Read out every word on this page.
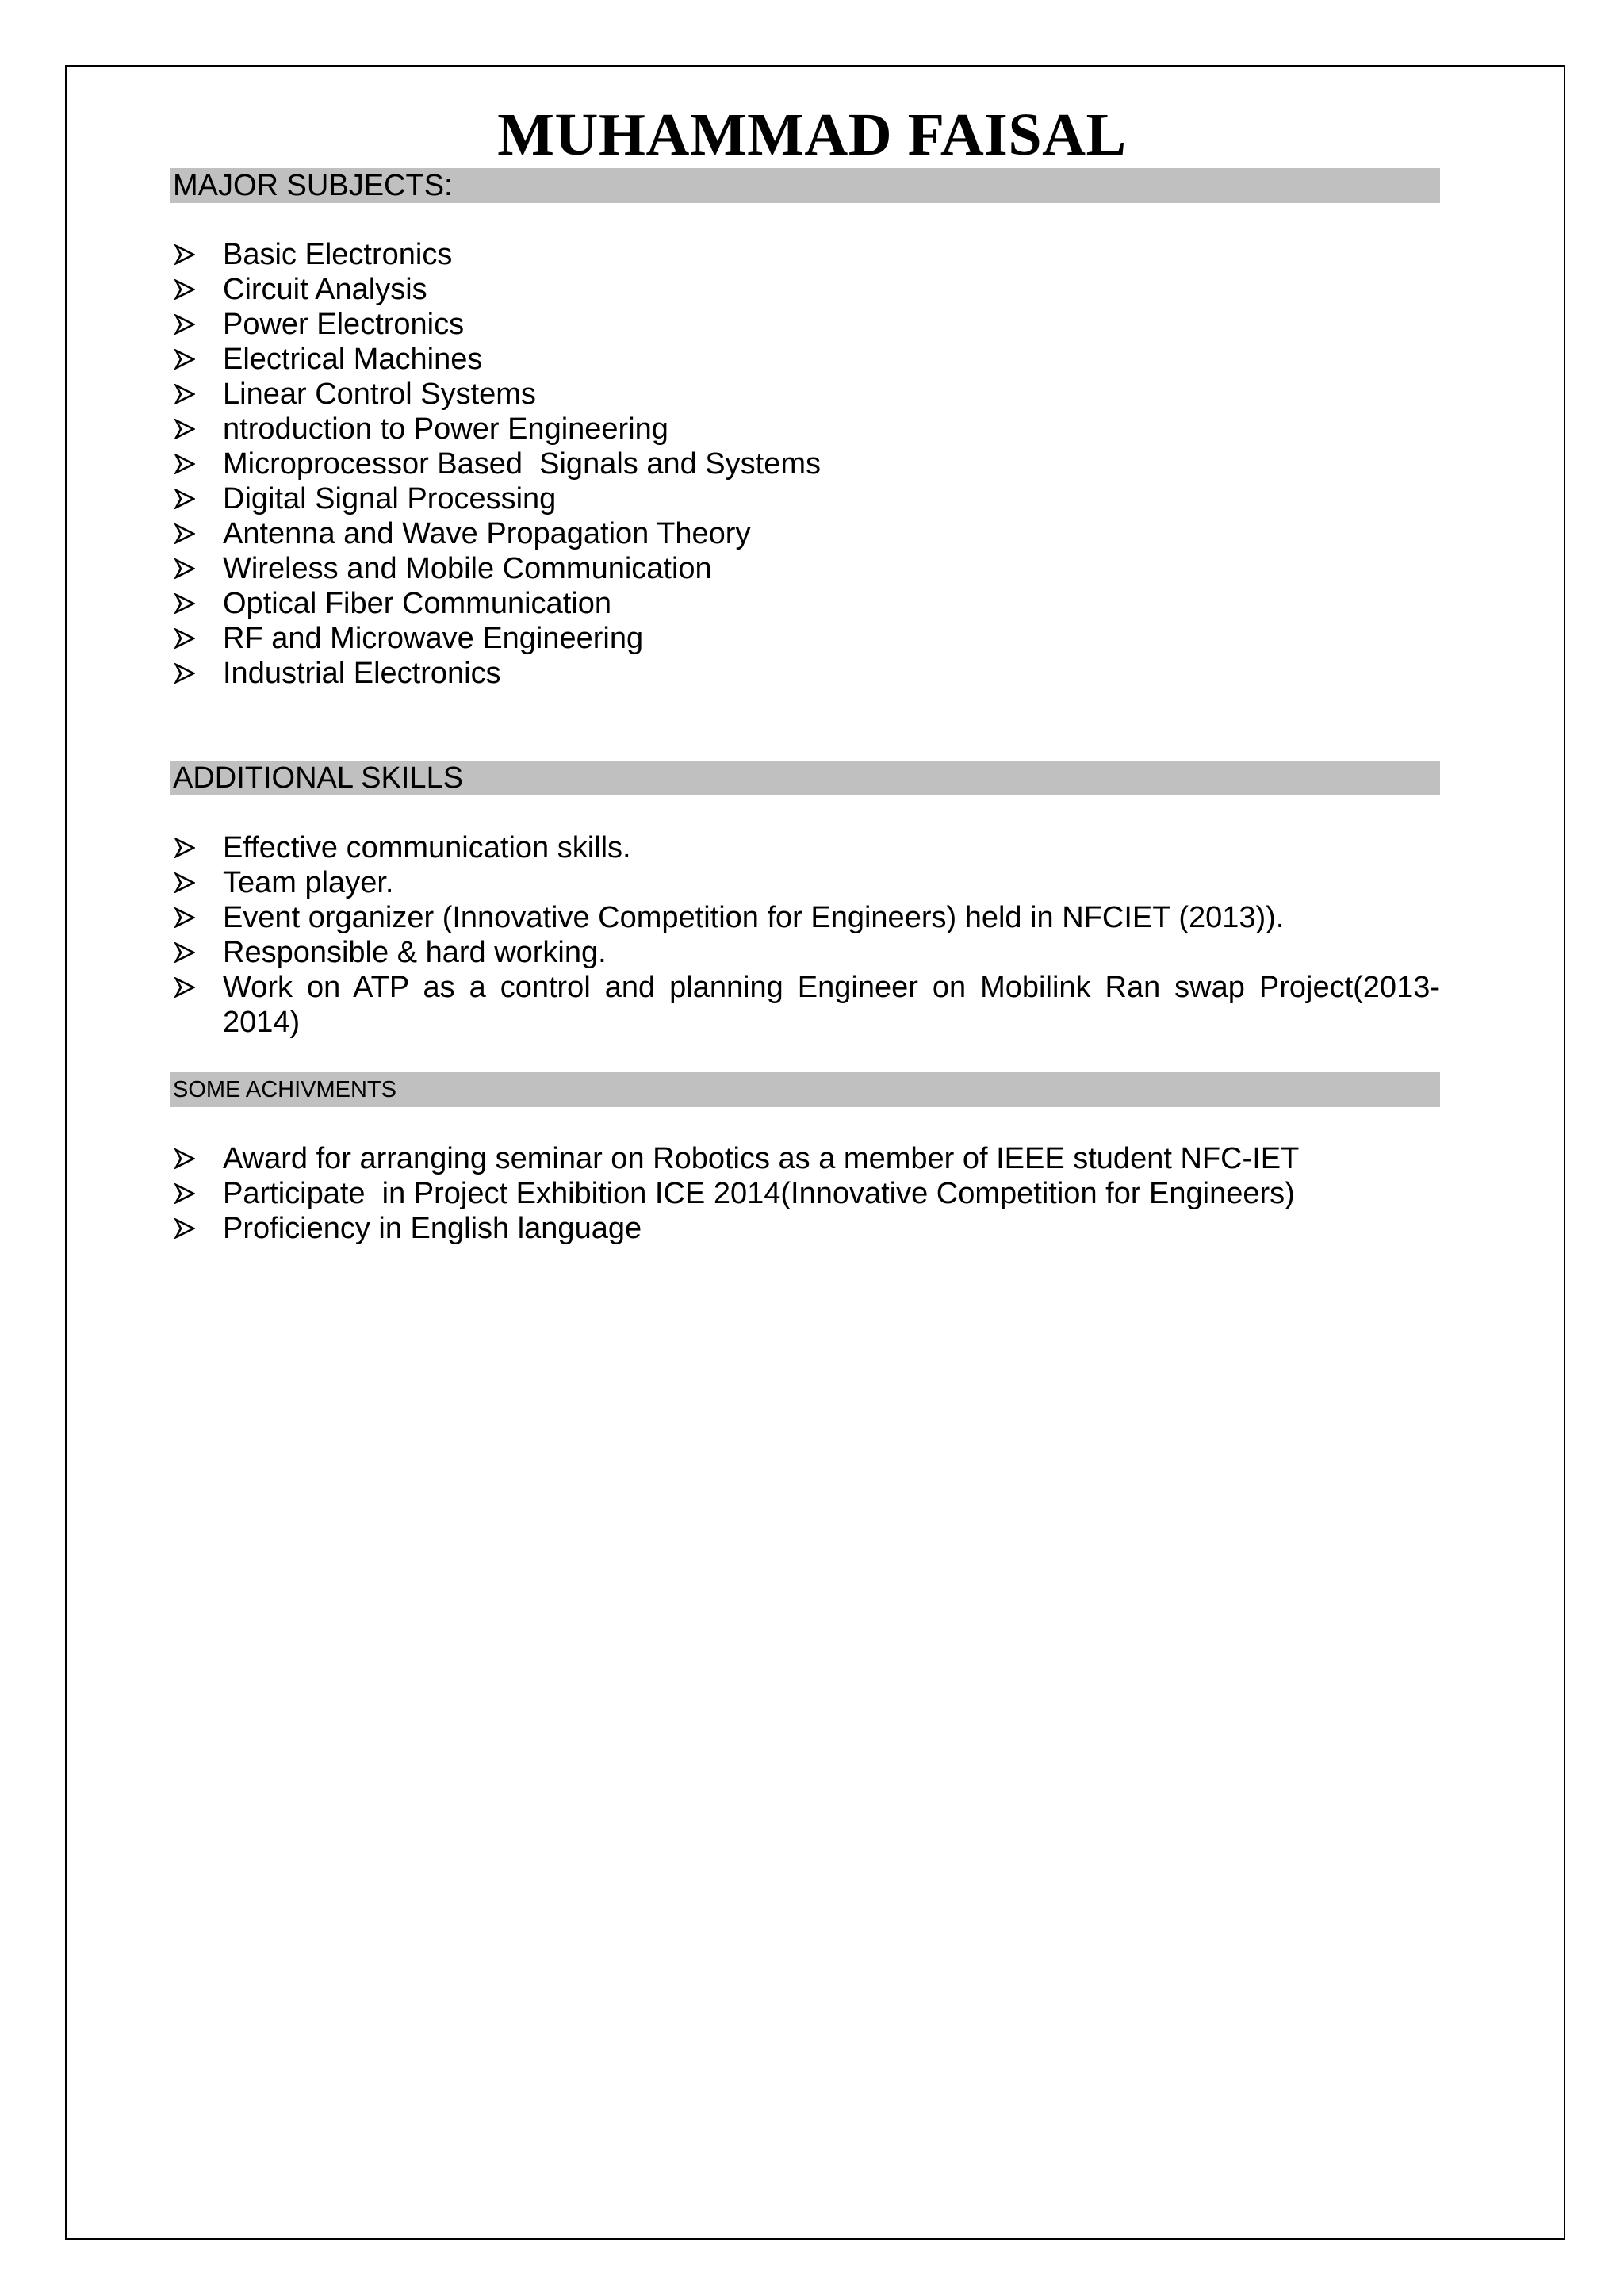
MUHAMMAD FAISAL
MAJOR SUBJECTS:
Basic Electronics
Circuit Analysis
Power Electronics
Electrical Machines
Linear Control Systems
ntroduction to Power Engineering
Microprocessor Based  Signals and Systems
Digital Signal Processing
Antenna and Wave Propagation Theory
Wireless and Mobile Communication
Optical Fiber Communication
RF and Microwave Engineering
Industrial Electronics
ADDITIONAL SKILLS
Effective communication skills.
Team player.
Event organizer (Innovative Competition for Engineers) held in NFCIET (2013)).
Responsible & hard working.
Work on ATP as a control and planning Engineer on Mobilink Ran swap Project(2013-2014)
SOME ACHIVMENTS
Award for arranging seminar on Robotics as a member of IEEE student NFC-IET
Participate  in Project Exhibition ICE 2014(Innovative Competition for Engineers)
Proficiency in English language
